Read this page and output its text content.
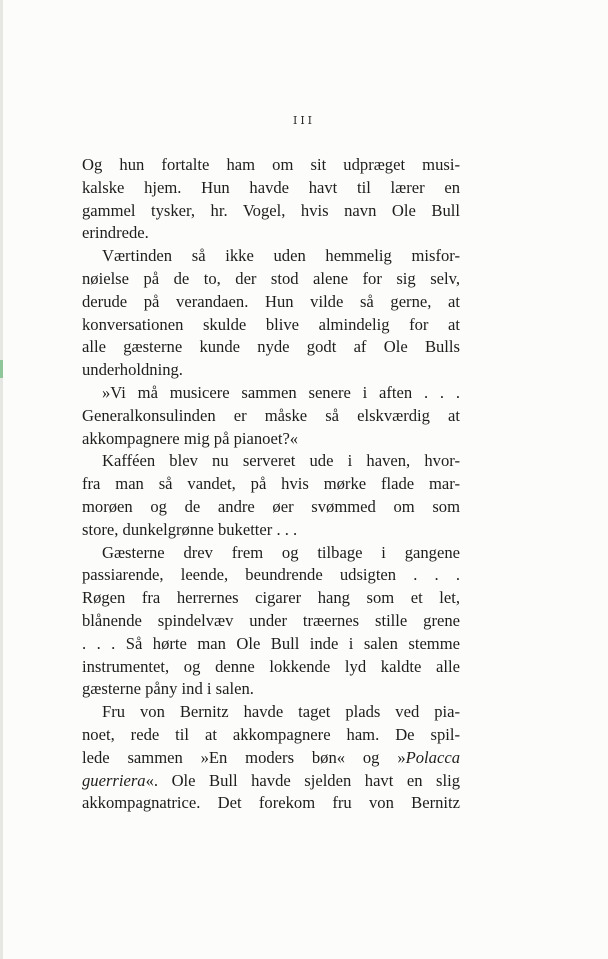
III
Og hun fortalte ham om sit udpræget musi-
kalske hjem. Hun havde havt til lærer en
gammel tysker, hr. Vogel, hvis navn Ole Bull
erindrede.
Værtinden så ikke uden hemmelig misfor-
nøielse på de to, der stod alene for sig selv,
derude på verandaen. Hun vilde så gerne, at
konversationen skulde blive almindelig for at
alle gæsterne kunde nyde godt af Ole Bulls
underholdning.
»Vi må musicere sammen senere i aften . . .
Generalkonsulinden er måske så elskværdig at
akkompagnere mig på pianoet?«
Kafféen blev nu serveret ude i haven, hvor-
fra man så vandet, på hvis mørke flade mar-
morøen og de andre øer svømmed om som
store, dunkelgrønne buketter . . .
Gæsterne drev frem og tilbage i gangene
passiarende, leende, beundrende udsigten . . .
Røgen fra herrernes cigarer hang som et let,
blånende spindelvæv under træernes stille grene
. . . Så hørte man Ole Bull inde i salen stemme
instrumentet, og denne lokkende lyd kaldte alle
gæsterne påny ind i salen.
Fru von Bernitz havde taget plads ved pia-
noet, rede til at akkompagnere ham. De spil-
lede sammen »En moders bøn« og »Polacca
guerriera«. Ole Bull havde sjelden havt en slig
akkompagnatrice. Det forekom fru von Bernitz
